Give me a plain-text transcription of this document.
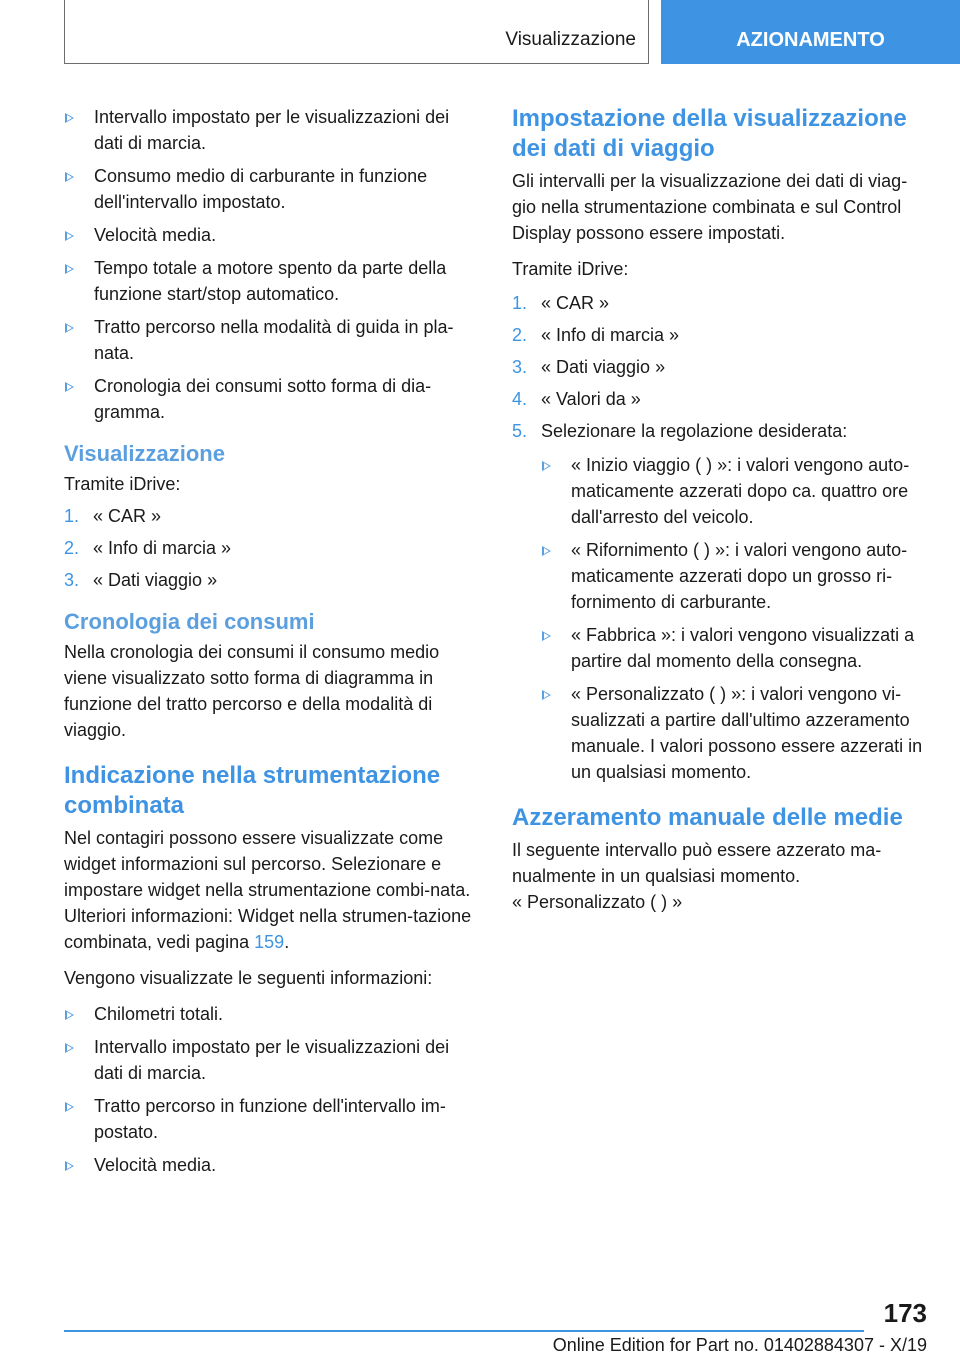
Visualizzazione	AZIONAMENTO
Intervallo impostato per le visualizzazioni dei dati di marcia.
Consumo medio di carburante in funzione dell'intervallo impostato.
Velocità media.
Tempo totale a motore spento da parte della funzione start/stop automatico.
Tratto percorso nella modalità di guida in pla-nata.
Cronologia dei consumi sotto forma di dia-gramma.
Visualizzazione

Tramite iDrive:

1. « CAR »
2. « Info di marcia »
3. « Dati viaggio »
Cronologia dei consumi

Nella cronologia dei consumi il consumo medio viene visualizzato sotto forma di diagramma in funzione del tratto percorso e della modalità di viaggio.

Indicazione nella strumentazione combinata

Nel contagiri possono essere visualizzate come widget informazioni sul percorso. Selezionare e impostare widget nella strumentazione combi-nata. Ulteriori informazioni: Widget nella strumen-tazione combinata, vedi pagina 159.

Vengono visualizzate le seguenti informazioni:

Chilometri totali.
Intervallo impostato per le visualizzazioni dei dati di marcia.
Tratto percorso in funzione dell'intervallo im-postato.
Velocità media.
Impostazione della visualizzazione dei dati di viaggio

Gli intervalli per la visualizzazione dei dati di viag-gio nella strumentazione combinata e sul Control Display possono essere impostati.

Tramite iDrive:

1. « CAR »
2. « Info di marcia »
3. « Dati viaggio »
4. « Valori da »
5. Selezionare la regolazione desiderata:
« Inizio viaggio ( ) »: i valori vengono auto-maticamente azzerati dopo ca. quattro ore dall'arresto del veicolo.
« Rifornimento ( ) »: i valori vengono auto-maticamente azzerati dopo un grosso ri-fornimento di carburante.
« Fabbrica »: i valori vengono visualizzati a partire dal momento della consegna.
« Personalizzato ( ) »: i valori vengono vi-sualizzati a partire dall'ultimo azzeramento manuale. I valori possono essere azzerati in un qualsiasi momento.
Azzeramento manuale delle medie

Il seguente intervallo può essere azzerato ma-nualmente in un qualsiasi momento.

« Personalizzato ( ) »

173
Online Edition for Part no. 01402884307 - X/19
